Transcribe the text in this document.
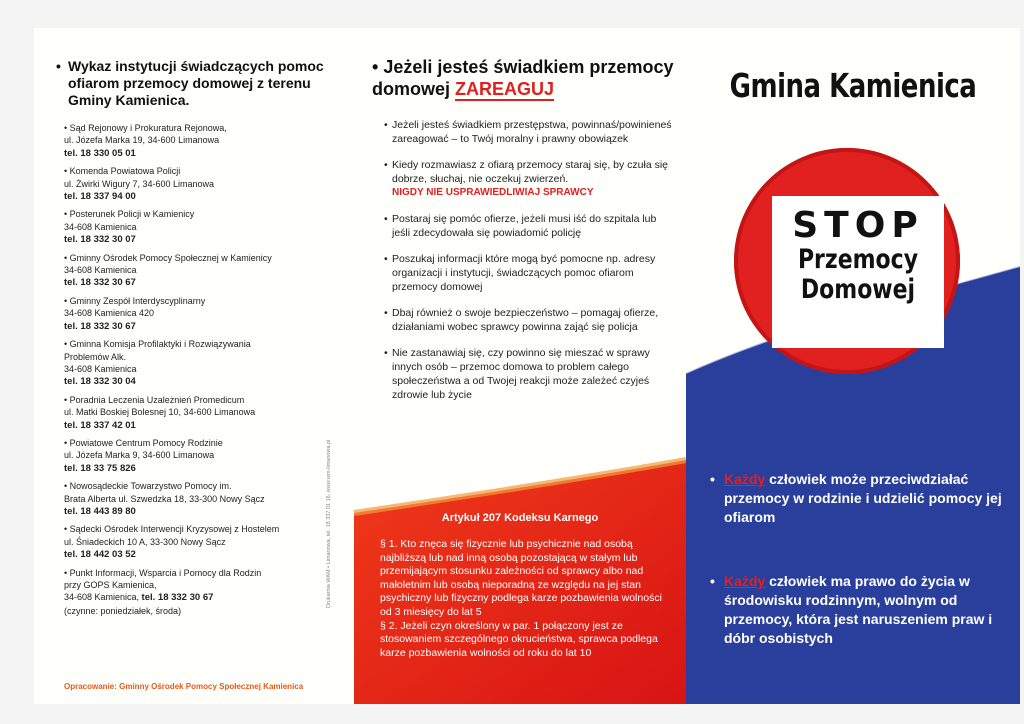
• Wykaz instytucji świadczących pomoc ofiarom przemocy domowej z terenu Gminy Kamienica.
• Sąd Rejonowy i Prokuratura Rejonowa,
ul. Józefa Marka 19, 34-600 Limanowa
tel. 18 330 05 01
• Komenda Powiatowa Policji
ul. Żwirki Wigury 7, 34-600 Limanowa
tel. 18 337 94 00
• Posterunek Policji w Kamienicy
34-608 Kamienica
tel. 18 332 30 07
• Gminny Ośrodek Pomocy Społecznej w Kamienicy
34-608 Kamienica
tel. 18 332 30 67
• Gminny Zespół Interdyscyplinarny
34-608 Kamienica 420
tel. 18 332 30 67
• Gminna Komisja Profilaktyki i Rozwiązywania
Problemów Alk.
34-608 Kamienica
tel. 18 332 30 04
• Poradnia Leczenia Uzależnień Promedicum
ul. Matki Boskiej Bolesnej 10, 34-600 Limanowa
tel. 18 337 42 01
• Powiatowe Centrum Pomocy Rodzinie
ul. Józefa Marka 9, 34-600 Limanowa
tel. 18 33 75 826
• Nowosądeckie Towarzystwo Pomocy im.
Brata Alberta ul. Szwedzka 18, 33-300 Nowy Sącz
tel. 18 443 89 80
• Sądecki Ośrodek Interwencji Kryzysowej z Hostelem
ul. Śniadeckich 10 A, 33-300 Nowy Sącz
tel. 18 442 03 52
• Punkt Informacji, Wsparcia i Pomocy dla Rodzin
przy GOPS Kamienica,
34-608 Kamienica, tel. 18 332 30 67
(czynne: poniedziałek, środa)
Opracowanie: Gminny Ośrodek Pomocy Społecznej Kamienica
• Jeżeli jesteś świadkiem przemocy domowej ZAREAGUJ
• Jeżeli jesteś świadkiem przestępstwa, powinnaś/powinieneś zareagować – to Twój moralny i prawny obowiązek
• Kiedy rozmawiasz z ofiarą przemocy staraj się, by czuła się dobrze, słuchaj, nie oczekuj zwierzeń.
NIGDY NIE USPRAWIEDLIWIAJ SPRAWCY
• Postaraj się pomóc ofierze, jeżeli musi iść do szpitala lub jeśli zdecydowała się powiadomić policję
• Poszukaj informacji które mogą być pomocne np. adresy organizacji i instytucji, świadczących pomoc ofiarom przemocy domowej
• Dbaj również o swoje bezpieczeństwo – pomagaj ofierze, działaniami wobec sprawcy powinna zająć się policja
• Nie zastanawiaj się, czy powinno się mieszać w sprawy innych osób – przemoc domowa to problem całego społeczeństwa a od Twojej reakcji może zależeć czyjeś zdrowie lub życie
Drukarnia WAM • Limanowa, tel. 18 337 01 16, www.wm-limanowa.pl	Artykuł 207 Kodeksu Karnego
§ 1. Kto znęca się fizycznie lub psychicznie nad osobą najbliższą lub nad inną osobą pozostającą w stałym lub przemijającym stosunku zależności od sprawcy albo nad małoletnim lub osobą nieporadną ze względu na jej stan psychiczny lub fizyczny podlega karze pozbawienia wolności od 3 miesięcy do lat 5
§ 2. Jeżeli czyn określony w par. 1 połączony jest ze stosowaniem szczególnego okrucieństwa, sprawca podlega karze pozbawienia wolności od roku do lat 10
Gmina Kamienica
STOP
Przemocy
Domowej
• Każdy człowiek może przeciwdziałać przemocy w rodzinie i udzielić pomocy jej ofiarom
• Każdy człowiek ma prawo do życia w środowisku rodzinnym, wolnym od przemocy, która jest naruszeniem praw i dóbr osobistych
